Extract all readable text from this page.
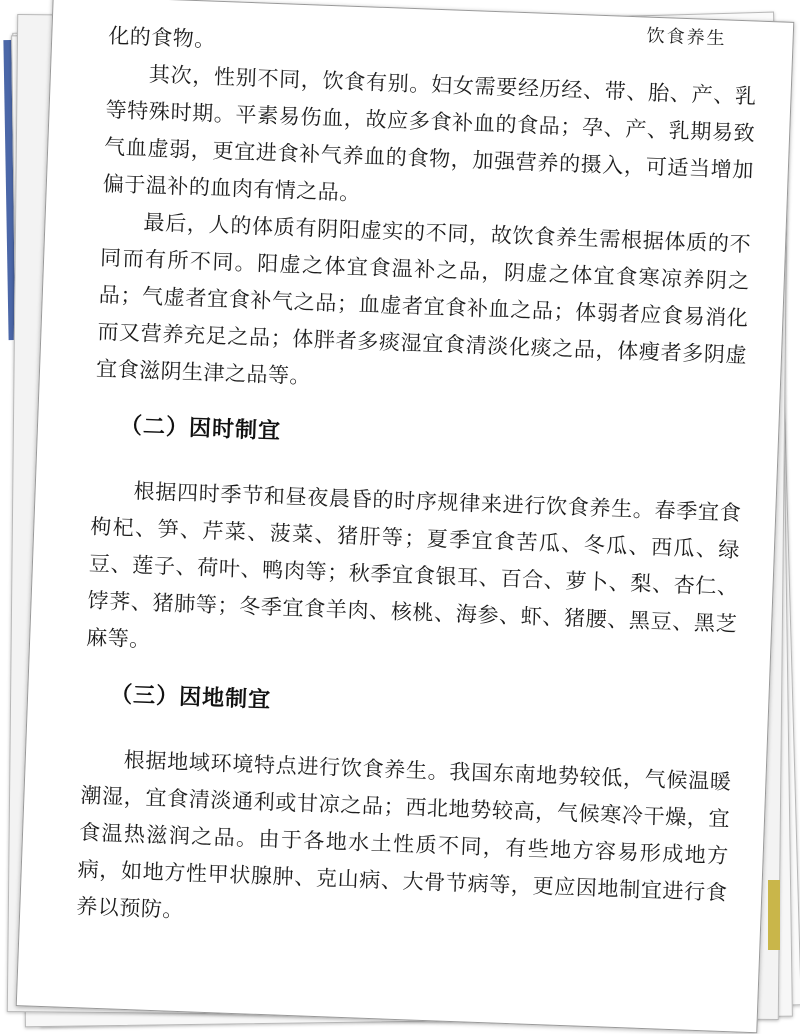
饮食养生

化的食物。

其次，性别不同，饮食有别。妇女需要经历经、带、胎、产、乳等特殊时期。平素易伤血，故应多食补血的食品；孕、产、乳期易致气血虚弱，更宜进食补气养血的食物，加强营养的摄入，可适当增加偏于温补的血肉有情之品。

最后，人的体质有阴阳虚实的不同，故饮食养生需根据体质的不同而有所不同。阳虚之体宜食温补之品，阴虚之体宜食寒凉养阴之品；气虚者宜食补气之品；血虚者宜食补血之品；体弱者应食易消化而又营养充足之品；体胖者多痰湿宜食清淡化痰之品，体瘦者多阴虚宜食滋阴生津之品等。

（二）因时制宜

根据四时季节和昼夜晨昏的时序规律来进行饮食养生。春季宜食枸杞、笋、芹菜、菠菜、猪肝等；夏季宜食苦瓜、冬瓜、西瓜、绿豆、莲子、荷叶、鸭肉等；秋季宜食银耳、百合、萝卜、梨、杏仁、饽荠、猪肺等；冬季宜食羊肉、核桃、海参、虾、猪腰、黑豆、黑芝麻等。

（三）因地制宜

根据地域环境特点进行饮食养生。我国东南地势较低，气候温暖潮湿，宜食清淡通利或甘凉之品；西北地势较高，气候寒冷干燥，宜食温热滋润之品。由于各地水土性质不同，有些地方容易形成地方病，如地方性甲状腺肿、克山病、大骨节病等，更应因地制宜进行食养以预防。
